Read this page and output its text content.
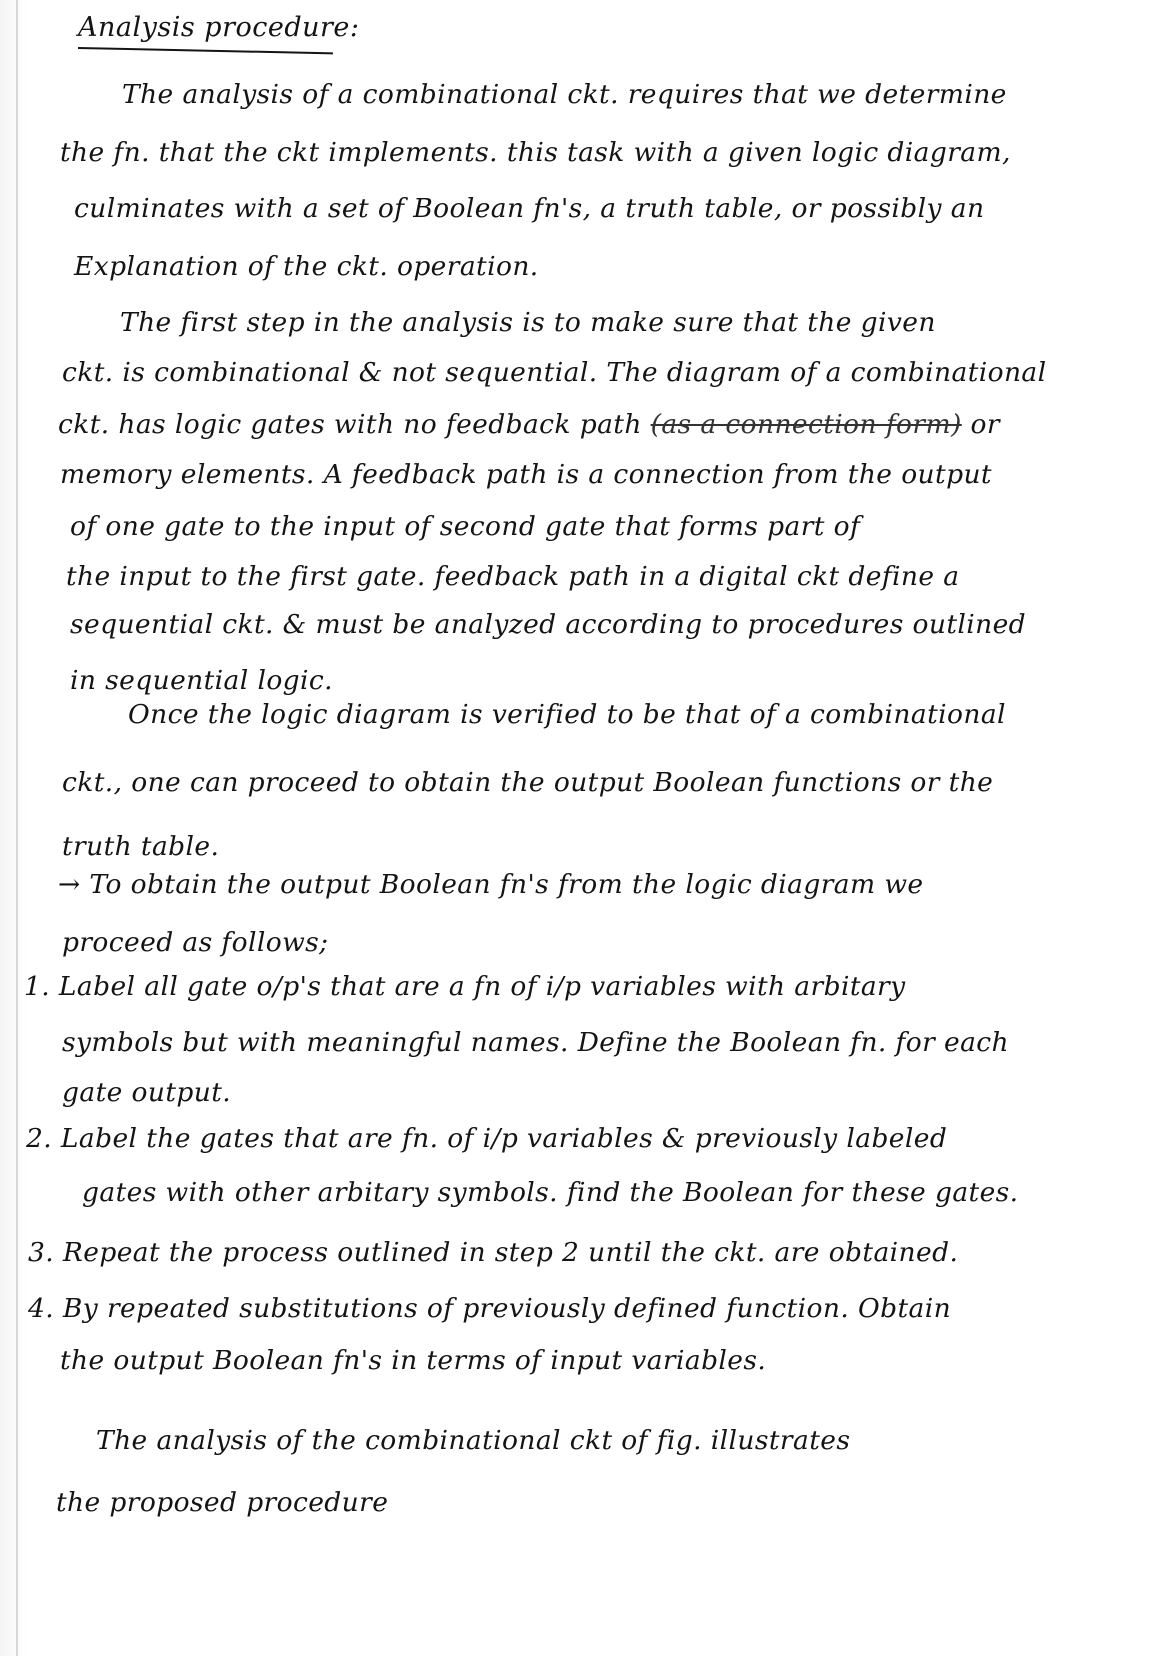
Analysis procedure:
The analysis of a combinational ckt. requires that we determine
the fn. that the ckt implements. this task with a given logic diagram,
culminates with a set of Boolean fn's, a truth table, or possibly an
Explanation of the ckt. operation.
The first step in the analysis is to make sure that the given
ckt. is combinational & not sequential. The diagram of a combinational
ckt. has logic gates with no feedback path (as a connection form) or
memory elements. A feedback path is a connection from the output
of one gate to the input of second gate that forms part of
the input to the first gate. feedback path in a digital ckt define a
sequential ckt. & must be analyzed according to procedures outlined
in sequential logic.
Once the logic diagram is verified to be that of a combinational
ckt., one can proceed to obtain the output Boolean functions or the
truth table.
→ To obtain the output Boolean fn's from the logic diagram we
proceed as follows;
1. Label all gate o/p's that are a fn of i/p variables with arbitary
symbols but with meaningful names. Define the Boolean fn. for each
gate output.
2. Label the gates that are fn. of i/p variables & previously labeled
gates with other arbitary symbols. find the Boolean for these gates.
3. Repeat the process outlined in step 2 until the ckt. are obtained.
4. By repeated substitutions of previously defined function. Obtain
the output Boolean fn's in terms of input variables.
The analysis of the combinational ckt of fig. illustrates
the proposed procedure
